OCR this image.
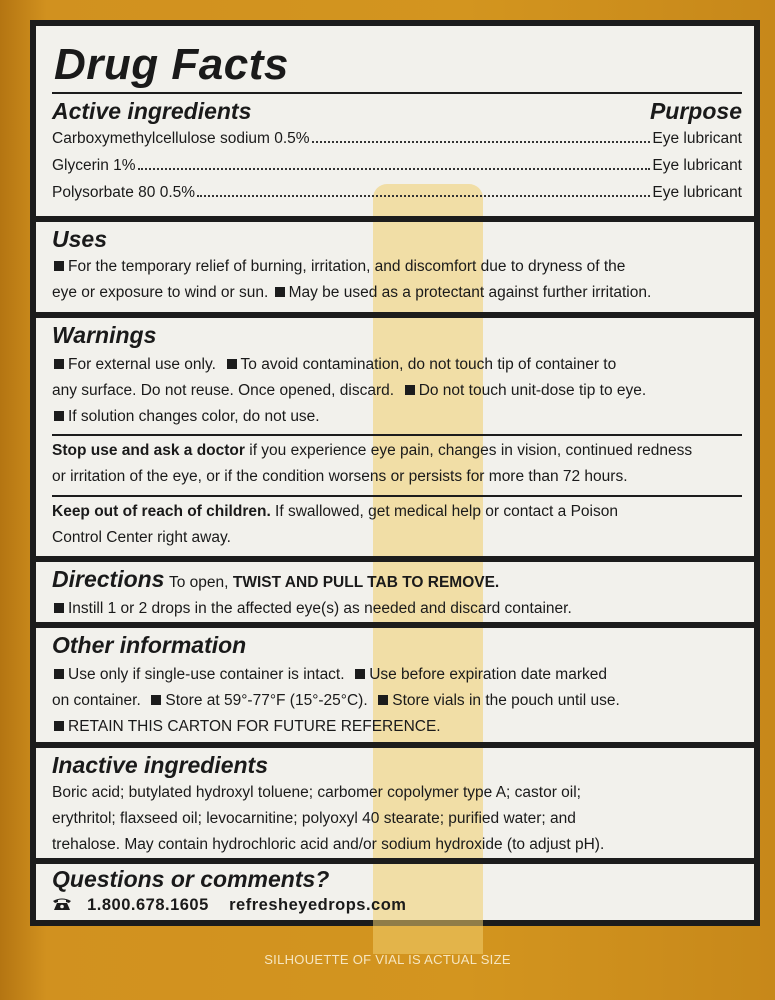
Drug Facts
Active ingredients	Purpose
Carboxymethylcellulose sodium 0.5%	Eye lubricant
Glycerin 1%	Eye lubricant
Polysorbate 80 0.5%	Eye lubricant
Uses
For the temporary relief of burning, irritation, and discomfort due to dryness of the
eye or exposure to wind or sun. May be used as a protectant against further irritation.
Warnings
For external use only. To avoid contamination, do not touch tip of container to
any surface. Do not reuse. Once opened, discard. Do not touch unit-dose tip to eye.
If solution changes color, do not use.
Stop use and ask a doctor if you experience eye pain, changes in vision, continued redness
or irritation of the eye, or if the condition worsens or persists for more than 72 hours.
Keep out of reach of children. If swallowed, get medical help or contact a Poison
Control Center right away.
Directions To open, TWIST AND PULL TAB TO REMOVE.
Instill 1 or 2 drops in the affected eye(s) as needed and discard container.
Other information
Use only if single-use container is intact. Use before expiration date marked
on container. Store at 59°-77°F (15°-25°C). Store vials in the pouch until use.
RETAIN THIS CARTON FOR FUTURE REFERENCE.
Inactive ingredients
Boric acid; butylated hydroxyl toluene; carbomer copolymer type A; castor oil;
erythritol; flaxseed oil; levocarnitine; polyoxyl 40 stearate; purified water; and
trehalose. May contain hydrochloric acid and/or sodium hydroxide (to adjust pH).
Questions or comments?
1.800.678.1605 refresheyedrops.com
SILHOUETTE OF VIAL IS ACTUAL SIZE
